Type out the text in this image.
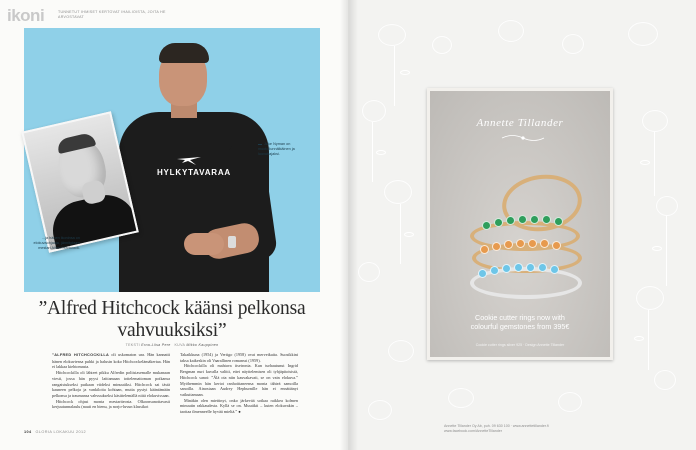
ikoni	TUNNETUT IHMISET KERTOVAT IHAILIOISTA, JOITA HE ARVOSTAVAT
HYLKYTAVARAA
Jake Nyman on muotoilunnälkäinen ja luovuttajaksi.
...ja hänen ikoninsa on elokuvaohjaaja, jännityksen mestari Alfred Hitchcock.
”Alfred Hitchcock käänsi pelkonsa vahvuuksiksi”
TEKSTI Erna-Liisa Pere KUVA Mikko Kauppinen

”ALFRED HITCHCOCKILLA oli uskomaton ura. Hän kannatti hänen elokuviensa puhki ja halusin koko Hitchcockelämäkertaa. Hän ei lakkaa kiehtomasta.

Hitchcockilla oli lähteet pikku Alfredin poliisiasemalle mukanaan viesti, jossa hän pyysi laittamaan tottelemattoman poikansa rangaistukseksi putkaan viideksi minuutiksi. Hitchcock sai tästä kauneen pelkoja ja vankiloita kohtaan, mutta pystyi kääntämään pelkonsa ja traumansa vahvuukseksi käsittelemällä niitä elokuvissaan.

Hitchcock ohjasi monta mestariteosta. Olkoonsanottavasti kerjuutunnalaulu (nauti en bienu, ja norjo-luvun klassikot

Takaikkuna (1954) ja Vertigo (1958) ovat merveikaita. Suosikkini taksa kaikeskin oli Vaarallinen romanssi (1959).

Hitchcockilla oli mahtava itseironia. Kun turhautunut Ingrid Bergman nuri kuvalla valitti, ettei näyttelemisen oli tyhjäpitoisistä, Hitchcock sanoi: ”Älä ota niin kauvakavati, se on vain elokuva.” Myöhemmin hän kertoi ranhoittaneensa monta tähteä samoilla sanoilla. Ainostaan Audrey Hepburnille hän ei ennättänyt vaikuttamaan.

Minäkin olen miettinyt, onko järkevää sotkaa raikkea kolmen minuutin rakkaudesta. Kyllä se on. Muutikti – kuten elokuvakin – taottaa ilmenneelle hyvää mieltä.” ●

104 GLORIA LOKAKUU 2012
Annette Tillander
Cookie cutter rings now with
colourful gemstones from 395€
Cookie cutter rings silver 925 · Design Annette Tillander
Annette Tillander Oy Ab, puh. 09 630 100 · www.annettetillander.fi
www.facebook.com/AnnetteTillander
